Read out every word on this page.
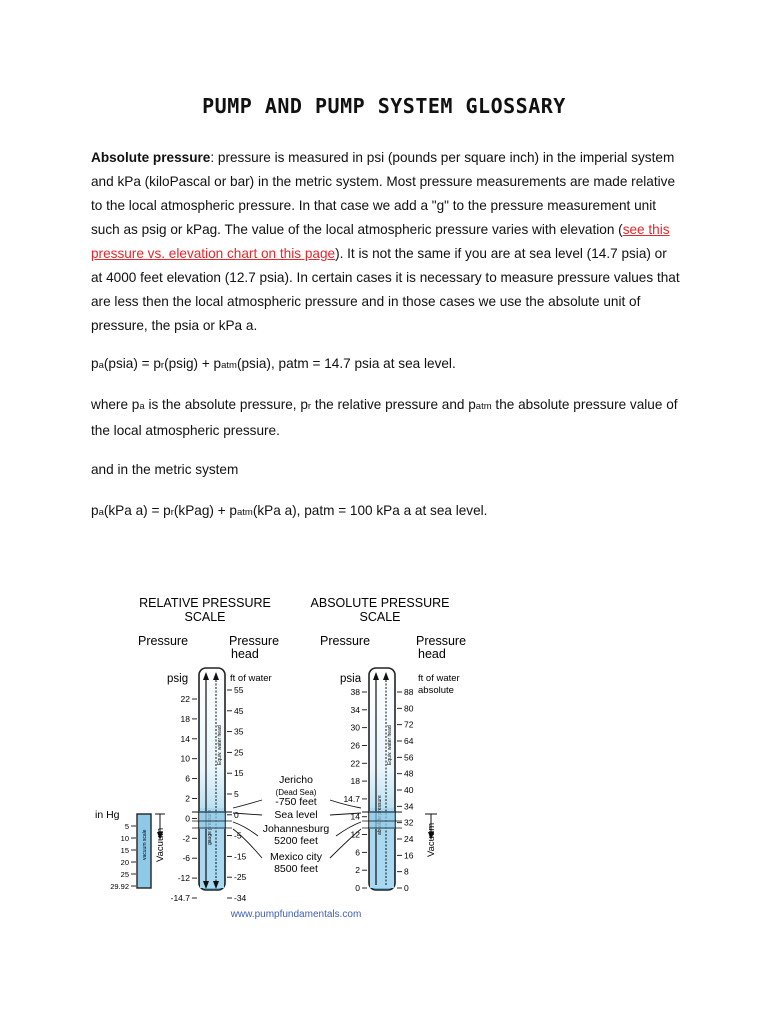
PUMP AND PUMP SYSTEM GLOSSARY

Absolute pressure: pressure is measured in psi (pounds per square inch) in the imperial system and kPa (kiloPascal or bar) in the metric system. Most pressure measurements are made relative to the local atmospheric pressure. In that case we add a "g" to the pressure measurement unit such as psig or kPag. The value of the local atmospheric pressure varies with elevation (see this pressure vs. elevation chart on this page). It is not the same if you are at sea level (14.7 psia) or at 4000 feet elevation (12.7 psia). In certain cases it is necessary to measure pressure values that are less then the local atmospheric pressure and in those cases we use the absolute unit of pressure, the psia or kPa a.

pa(psia) = pr(psig) + patm(psia), patm = 14.7 psia at sea level.

where pa is the absolute pressure, pr the relative pressure and patm the absolute pressure value of the local atmospheric pressure.

and in the metric system

pa(kPa a) = pr(kPag) + patm(kPa a), patm = 100 kPa a at sea level.

RELATIVE PRESSURE
SCALE
ABSOLUTE PRESSURE
SCALE
Pressure	Pressure
head
Pressure	Pressure
head
psig	ft of water	psia	ft of water
absolute
Equiv. water head
22
18
14
10
6
2
0
-2
-6
-12
-14.7
55
45
35
25
15
5
0
-5
-15
-25
-34
Equiv. water head
38
34
30
26
22
18
14.7
14
12
6
2
0
88
80
72
64
56
48
40
34
32
24
16
8
0
in Hg
vacuum scale
5
10
15
20
25
29.92
Vacuum	Vacuum
Jericho
(Dead Sea)
-750 feet
Sea level
Johannesburg
5200 feet
Mexico city
8500 feet
www.pumpfundamentals.com
